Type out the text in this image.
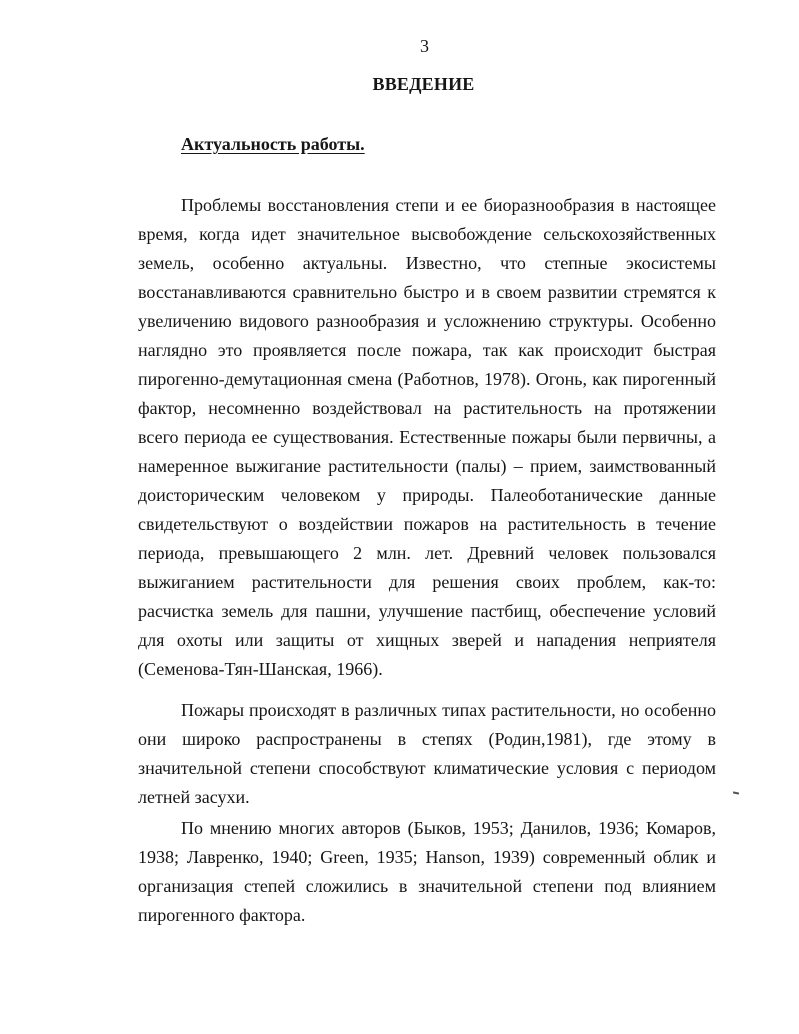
3
ВВЕДЕНИЕ
Актуальность работы.

Проблемы восстановления степи и ее биоразнообразия в настоящее время, когда идет значительное высвобождение сельскохозяйственных земель, особенно актуальны. Известно, что степные экосистемы восстанавливаются сравнительно быстро и в своем развитии стремятся к увеличению видового разнообразия и усложнению структуры. Особенно наглядно это проявляется после пожара, так как происходит быстрая пирогенно-демутационная смена (Работнов, 1978). Огонь, как пирогенный фактор, несомненно воздействовал на растительность на протяжении всего периода ее существования. Естественные пожары были первичны, а намеренное выжигание растительности (палы) – прием, заимствованный доисторическим человеком у природы. Палеоботанические данные свидетельствуют о воздействии пожаров на растительность в течение периода, превышающего 2 млн. лет. Древний человек пользовался выжиганием растительности для решения своих проблем, как-то: расчистка земель для пашни, улучшение пастбищ, обеспечение условий для охоты или защиты от хищных зверей и нападения неприятеля (Семенова-Тян-Шанская, 1966).

Пожары происходят в различных типах растительности, но особенно они широко распространены в степях (Родин,1981), где этому в значительной степени способствуют климатические условия с периодом летней засухи.

По мнению многих авторов (Быков, 1953; Данилов, 1936; Комаров, 1938; Лавренко, 1940; Green, 1935; Hanson, 1939) современный облик и организация степей сложились в значительной степени под влиянием пирогенного фактора.
